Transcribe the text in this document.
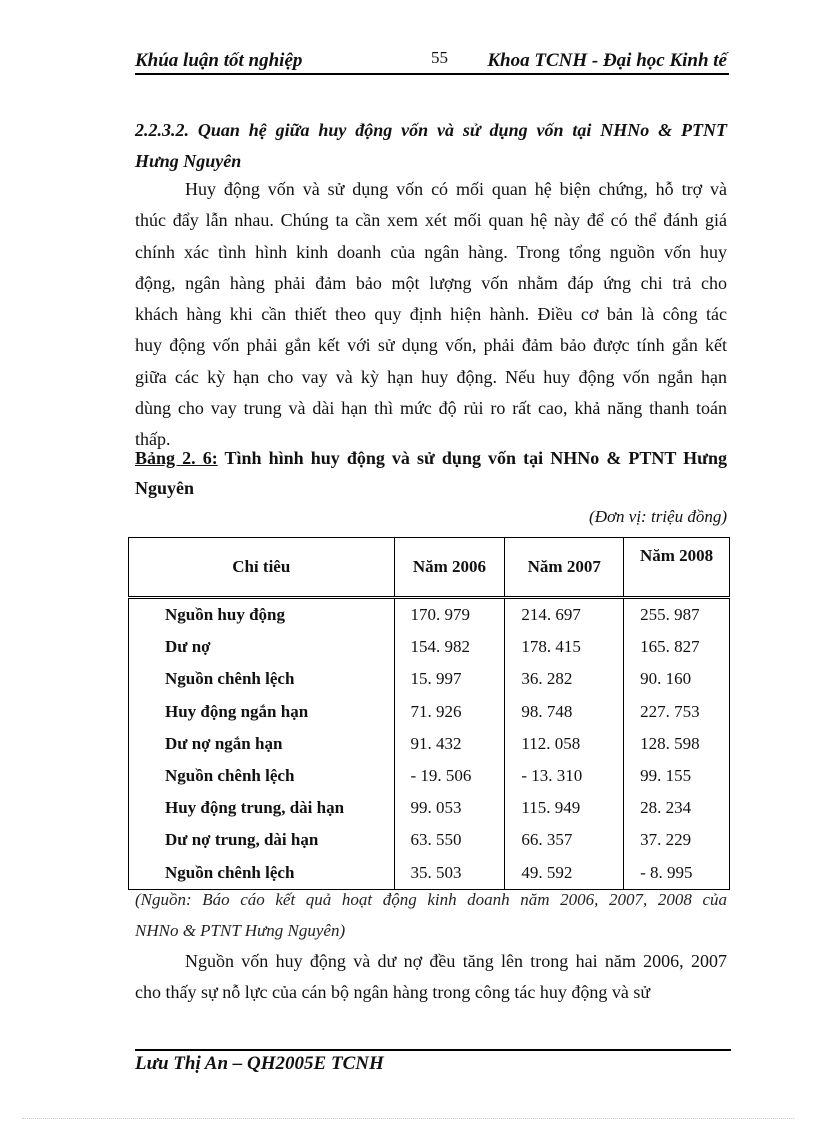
Khúa luận tốt nghiệp	55 Khoa TCNH - Đại học Kinh tế
2.2.3.2. Quan hệ giữa huy động vốn và sử dụng vốn tại NHNo & PTNT
Hưng Nguyên
Huy động vốn và sử dụng vốn có mối quan hệ biện chứng, hỗ trợ và
thúc đẩy lẫn nhau. Chúng ta cần xem xét mối quan hệ này để có thể đánh giá
chính xác tình hình kinh doanh của ngân hàng. Trong tổng nguồn vốn huy
động, ngân hàng phải đảm bảo một lượng vốn nhằm đáp ứng chi trả cho
khách hàng khi cần thiết theo quy định hiện hành. Điều cơ bản là công tác
huy động vốn phải gắn kết với sử dụng vốn, phải đảm bảo được tính gắn kết
giữa các kỳ hạn cho vay và kỳ hạn huy động. Nếu huy động vốn ngắn hạn
dùng cho vay trung và dài hạn thì mức độ rủi ro rất cao, khả năng thanh toán
thấp.
Bảng 2. 6: Tình hình huy động và sử dụng vốn tại NHNo & PTNT Hưng
Nguyên
(Đơn vị: triệu đồng)
Chỉ tiêu	Năm 2006	Năm 2007	Năm 2008
Nguồn huy động	170. 979	214. 697	255. 987
Dư nợ	154. 982	178. 415	165. 827
Nguồn chênh lệch	15. 997	36. 282	90. 160
Huy động ngắn hạn	71. 926	98. 748	227. 753
Dư nợ ngắn hạn	91. 432	112. 058	128. 598
Nguồn chênh lệch	- 19. 506	- 13. 310	99. 155
Huy động trung, dài hạn	99. 053	115. 949	28. 234
Dư nợ trung, dài hạn	63. 550	66. 357	37. 229
Nguồn chênh lệch	35. 503	49. 592	- 8. 995
(Nguồn: Báo cáo kết quả hoạt động kinh doanh năm 2006, 2007, 2008 của
NHNo & PTNT Hưng Nguyên)
Nguồn vốn huy động và dư nợ đều tăng lên trong hai năm 2006, 2007
cho thấy sự nỗ lực của cán bộ ngân hàng trong công tác huy động và sử
Lưu Thị An – QH2005E TCNH
